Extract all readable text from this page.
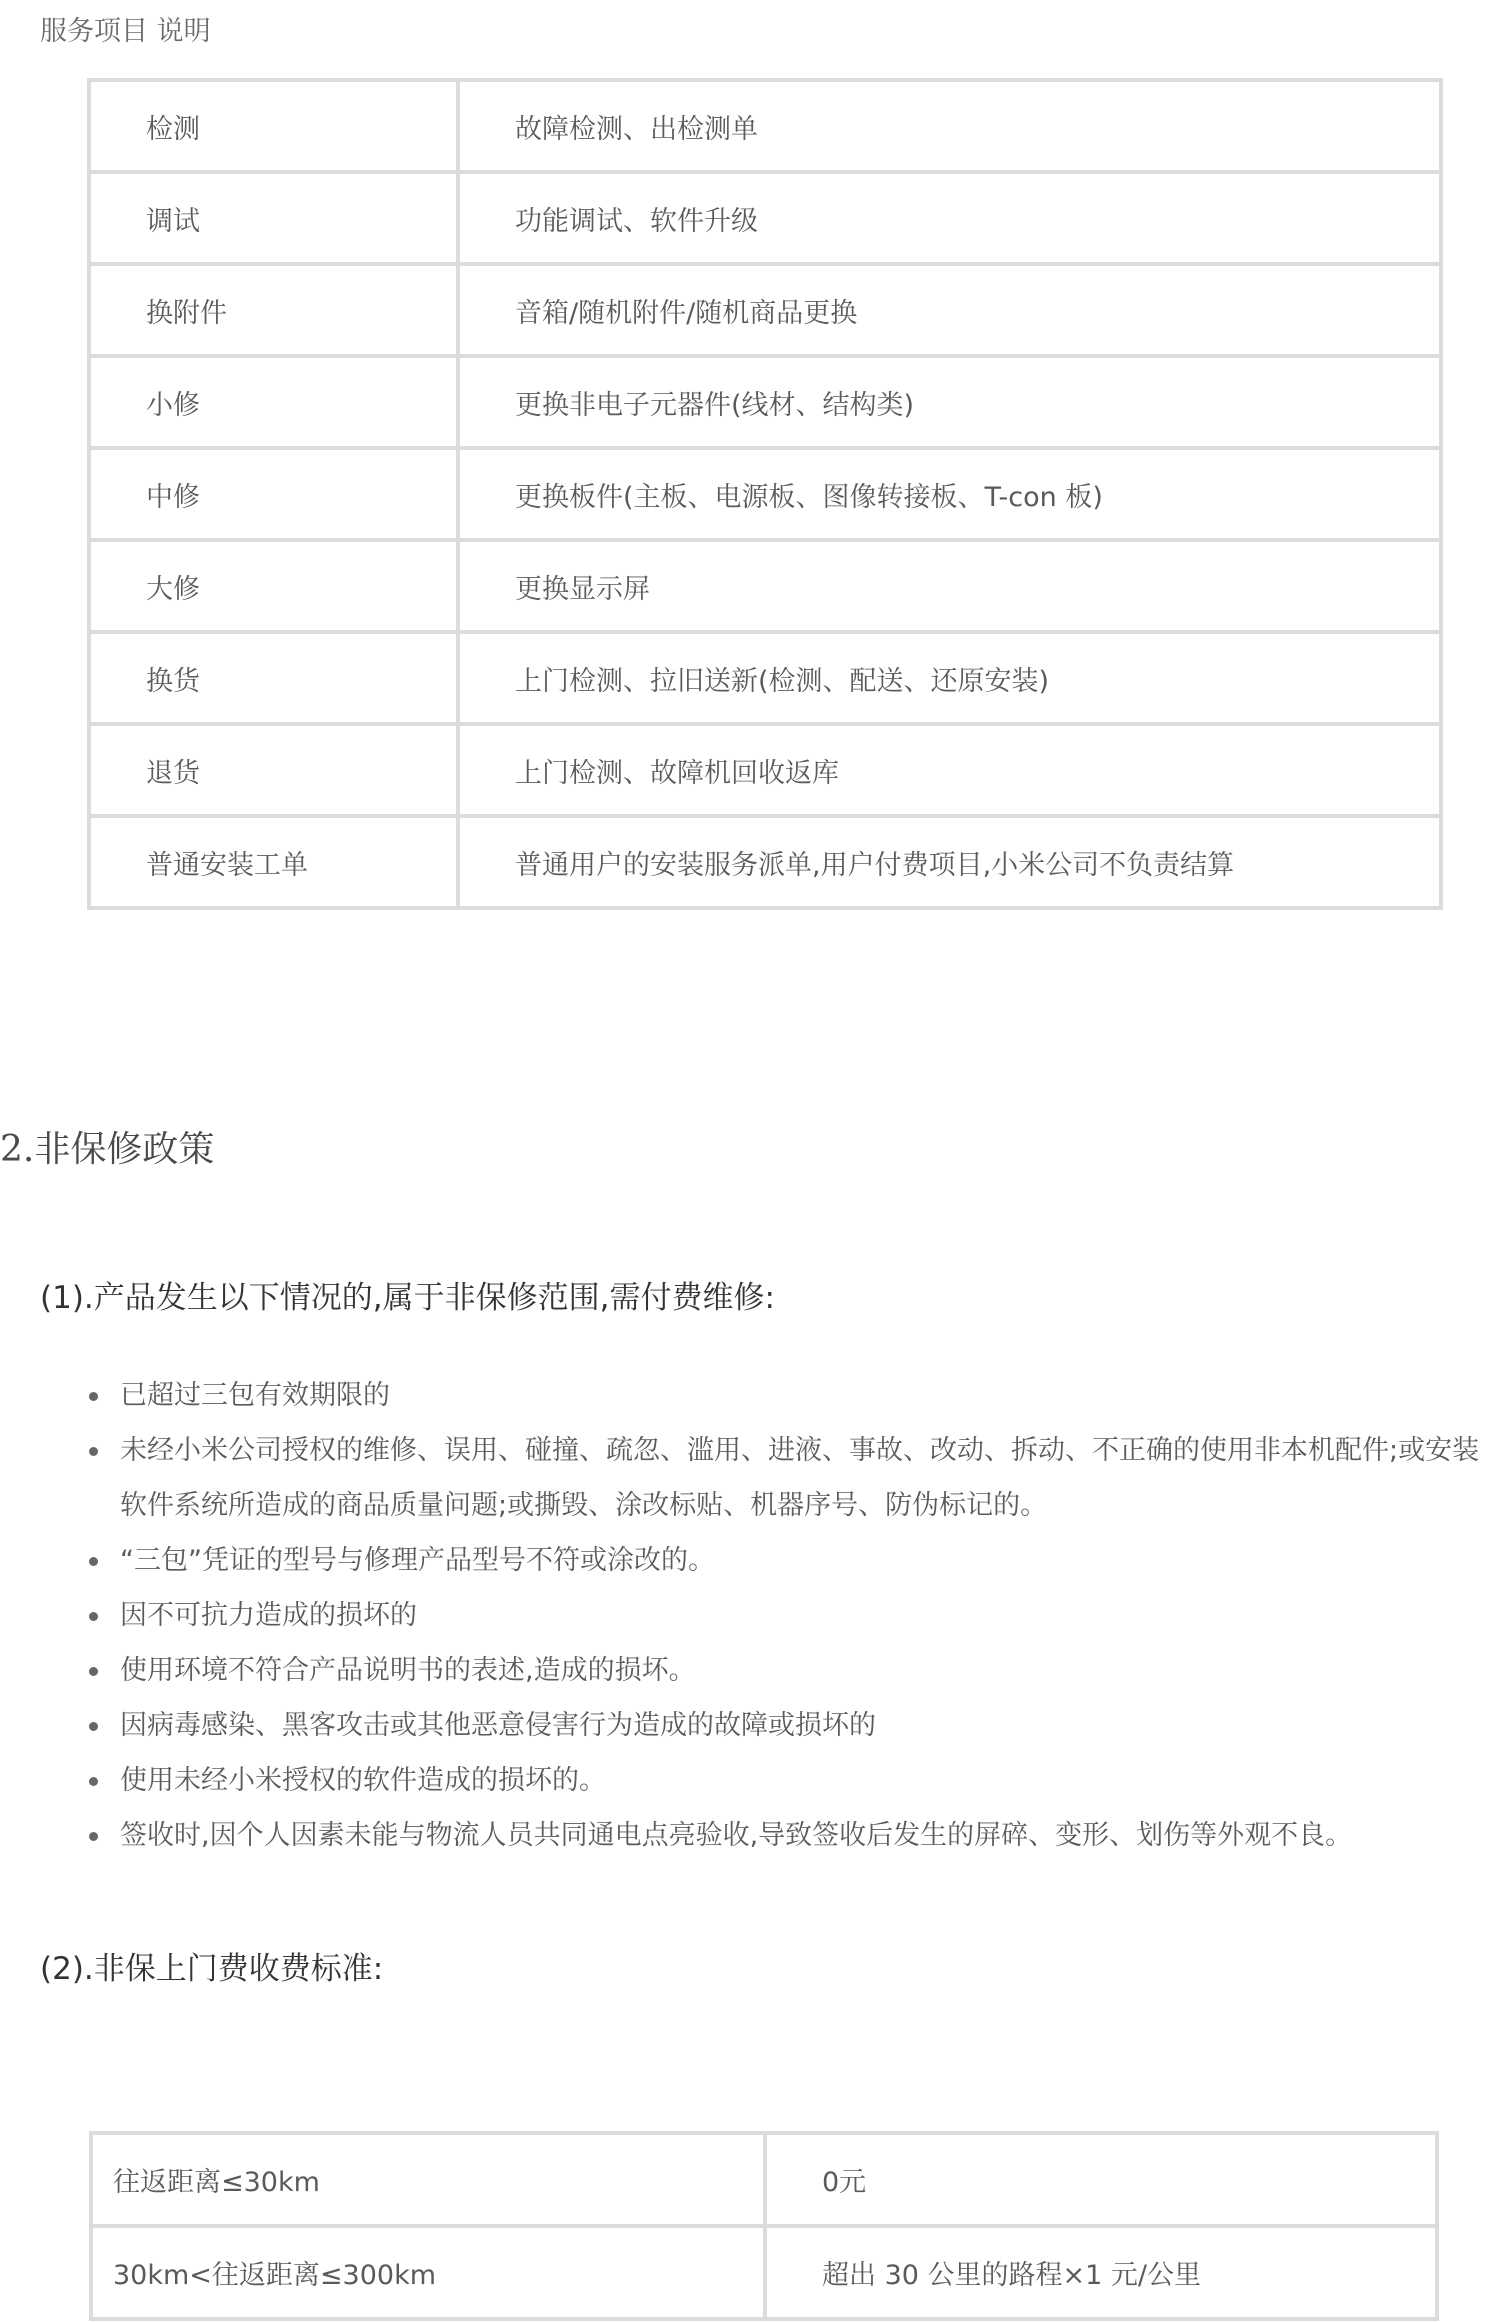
服务项目 说明
检测	故障检测、出检测单
调试	功能调试、软件升级
换附件	音箱/随机附件/随机商品更换
小修	更换非电子元器件(线材、结构类)
中修	更换板件(主板、电源板、图像转接板、T-con 板)
大修	更换显示屏
换货	上门检测、拉旧送新(检测、配送、还原安装)
退货	上门检测、故障机回收返库
普通安装工单	普通用户的安装服务派单,用户付费项目,小米公司不负责结算
2.非保修政策
(1).产品发生以下情况的,属于非保修范围,需付费维修:
已超过三包有效期限的
未经小米公司授权的维修、误用、碰撞、疏忽、滥用、进液、事故、改动、拆动、不正确的使用非本机配件;或安装软件系统所造成的商品质量问题;或撕毁、涂改标贴、机器序号、防伪标记的。
“三包”凭证的型号与修理产品型号不符或涂改的。
因不可抗力造成的损坏的
使用环境不符合产品说明书的表述,造成的损坏。
因病毒感染、黑客攻击或其他恶意侵害行为造成的故障或损坏的
使用未经小米授权的软件造成的损坏的。
签收时,因个人因素未能与物流人员共同通电点亮验收,导致签收后发生的屏碎、变形、划伤等外观不良。
(2).非保上门费收费标准:
往返距离≤30km	0元
30km<往返距离≤300km	超出 30 公里的路程×1 元/公里
